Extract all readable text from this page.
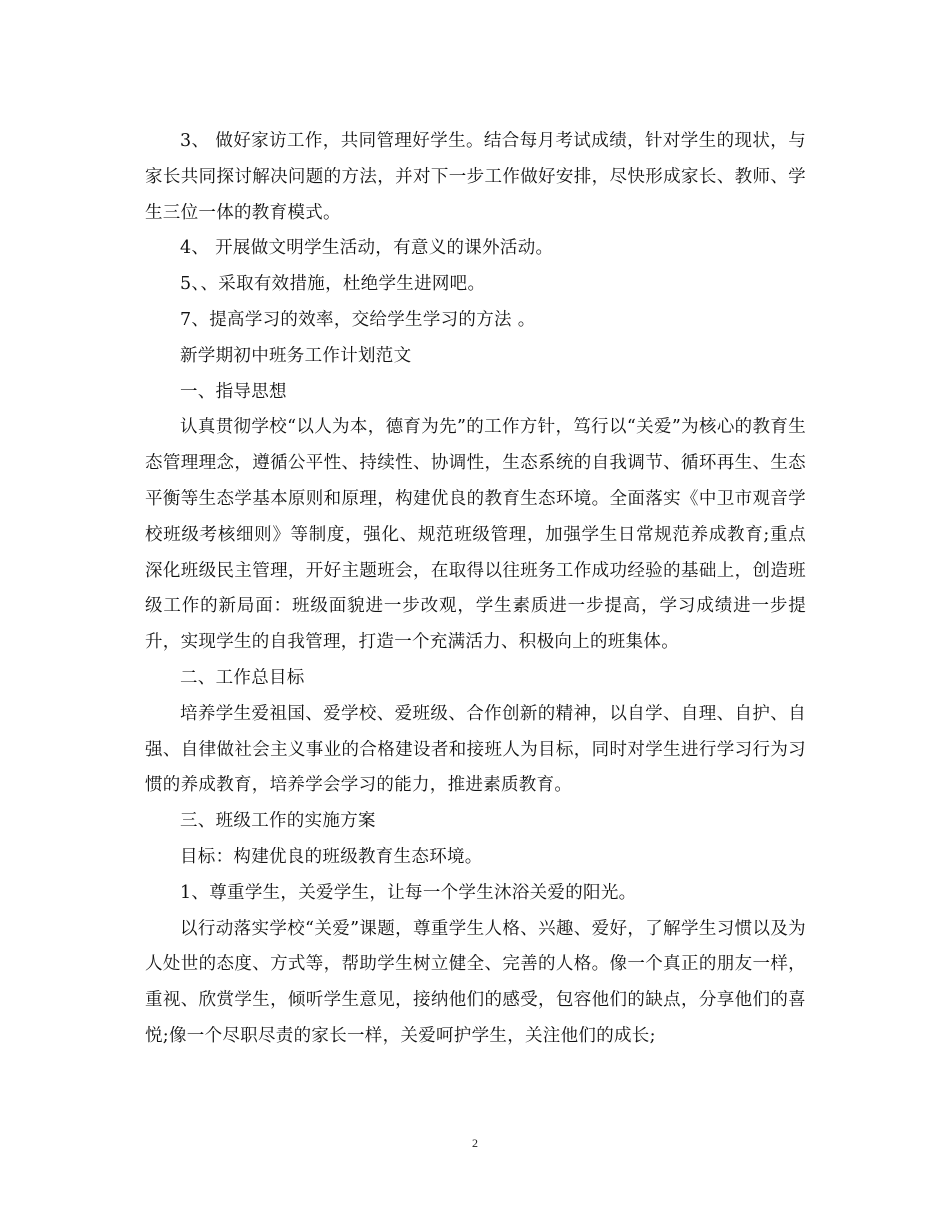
3、 做好家访工作，共同管理好学生。结合每月考试成绩，针对学生的现状，与家长共同探讨解决问题的方法，并对下一步工作做好安排，尽快形成家长、教师、学生三位一体的教育模式。

4、 开展做文明学生活动，有意义的课外活动。

5、、采取有效措施，杜绝学生进网吧。

7、提高学习的效率，交给学生学习的方法 。

新学期初中班务工作计划范文

一、指导思想

认真贯彻学校“以人为本，德育为先”的工作方针，笃行以“关爱”为核心的教育生态管理理念，遵循公平性、持续性、协调性，生态系统的自我调节、循环再生、生态平衡等生态学基本原则和原理，构建优良的教育生态环境。全面落实《中卫市观音学校班级考核细则》等制度，强化、规范班级管理，加强学生日常规范养成教育;重点深化班级民主管理，开好主题班会，在取得以往班务工作成功经验的基础上，创造班级工作的新局面：班级面貌进一步改观，学生素质进一步提高，学习成绩进一步提升，实现学生的自我管理，打造一个充满活力、积极向上的班集体。

二、工作总目标

培养学生爱祖国、爱学校、爱班级、合作创新的精神，以自学、自理、自护、自强、自律做社会主义事业的合格建设者和接班人为目标，同时对学生进行学习行为习惯的养成教育，培养学会学习的能力，推进素质教育。

三、班级工作的实施方案

目标：构建优良的班级教育生态环境。

1、尊重学生，关爱学生，让每一个学生沐浴关爱的阳光。

以行动落实学校“关爱”课题，尊重学生人格、兴趣、爱好，了解学生习惯以及为人处世的态度、方式等，帮助学生树立健全、完善的人格。像一个真正的朋友一样，重视、欣赏学生，倾听学生意见，接纳他们的感受，包容他们的缺点，分享他们的喜悦;像一个尽职尽责的家长一样，关爱呵护学生，关注他们的成长;

2
